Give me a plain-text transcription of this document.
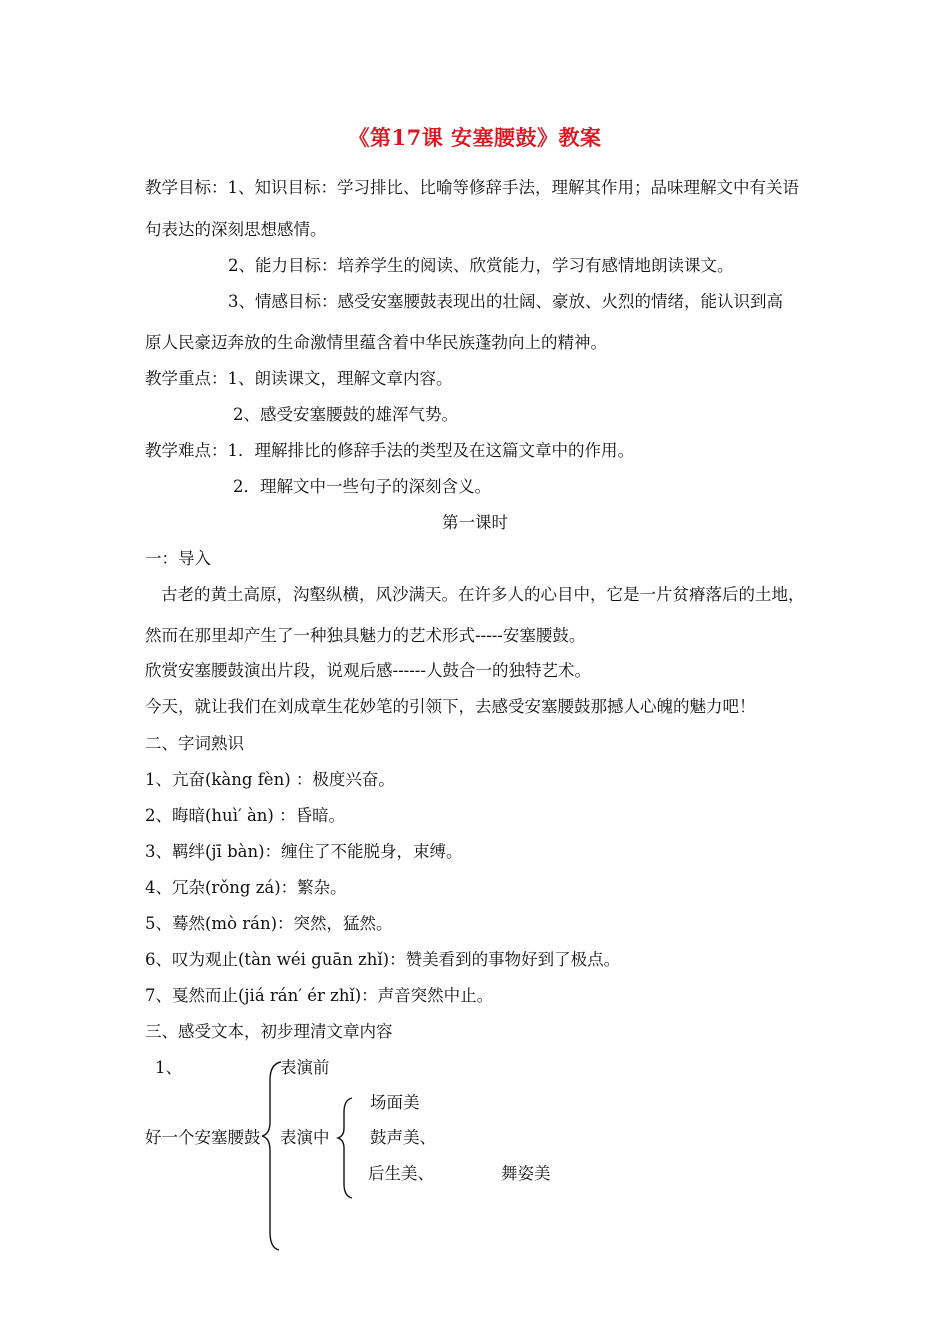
《第17课 安塞腰鼓》教案
教学目标：1、知识目标：学习排比、比喻等修辞手法，理解其作用；品味理解文中有关语
句表达的深刻思想感情。
2、能力目标：培养学生的阅读、欣赏能力，学习有感情地朗读课文。
3、情感目标：感受安塞腰鼓表现出的壮阔、豪放、火烈的情绪，能认识到高
原人民豪迈奔放的生命激情里蕴含着中华民族蓬勃向上的精神。
教学重点：1、朗读课文，理解文章内容。
2、感受安塞腰鼓的雄浑气势。
教学难点：1．理解排比的修辞手法的类型及在这篇文章中的作用。
2．理解文中一些句子的深刻含义。
第一课时
一：导入
古老的黄土高原，沟壑纵横，风沙满天。在许多人的心目中，它是一片贫瘠落后的土地，
然而在那里却产生了一种独具魅力的艺术形式-----安塞腰鼓。
欣赏安塞腰鼓演出片段，说观后感------人鼓合一的独特艺术。
今天，就让我们在刘成章生花妙笔的引领下，去感受安塞腰鼓那撼人心魄的魅力吧！
二、字词熟识
1、亢奋(kàng fèn) ：极度兴奋。
2、晦暗(huì′ àn) ：昏暗。
3、羁绊(jī bàn)：缠住了不能脱身，束缚。
4、冗杂(rǒng zá)：繁杂。
5、蓦然(mò rán)：突然，猛然。
6、叹为观止(tàn wéi guān zhǐ)：赞美看到的事物好到了极点。
7、戛然而止(jiá rán′ ér zhǐ)：声音突然中止。
三、感受文本，初步理清文章内容
1、
好一个安塞腰鼓
表演前
表演中
场面美
鼓声美、
后生美、	舞姿美
